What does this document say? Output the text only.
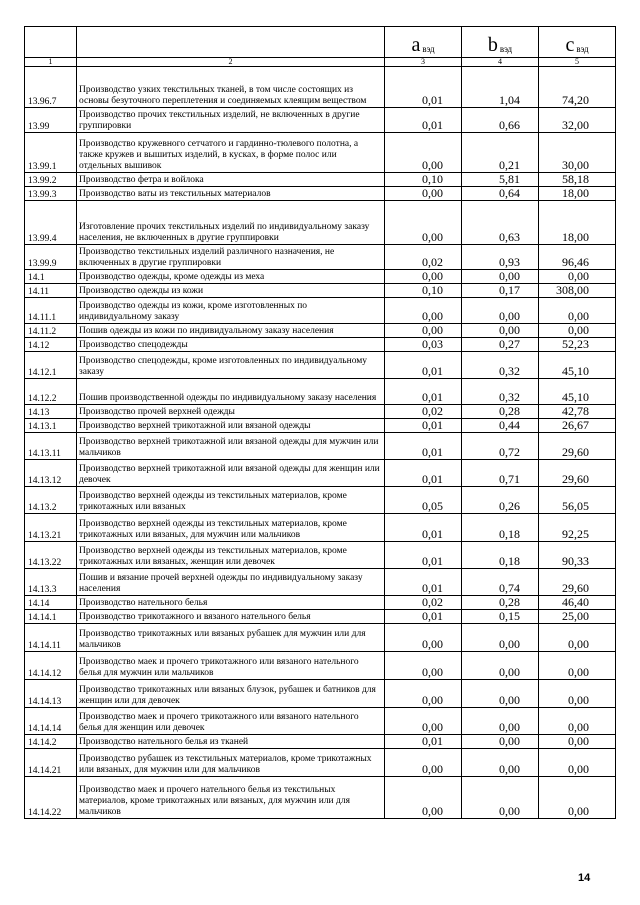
		a вэд	b вэд	c вэд
1	2	3	4	5
13.96.7	Производство узких текстильных тканей, в том числе состоящих из основы безуточного переплетения и соединяемых клеящим веществом	0,01	1,04	74,20
13.99	Производство прочих текстильных изделий, не включенных в другие группировки	0,01	0,66	32,00
13.99.1	Производство кружевного сетчатого и гардинно-тюлевого полотна, а также кружев и вышитых изделий, в кусках, в форме полос или отдельных вышивок	0,00	0,21	30,00
13.99.2	Производство фетра и войлока	0,10	5,81	58,18
13.99.3	Производство ваты из текстильных материалов	0,00	0,64	18,00
13.99.4	Изготовление прочих текстильных изделий по индивидуальному заказу населения, не включенных в другие группировки	0,00	0,63	18,00
13.99.9	Производство текстильных изделий различного назначения, не включенных в другие группировки	0,02	0,93	96,46
14.1	Производство одежды, кроме одежды из меха	0,00	0,00	0,00
14.11	Производство одежды из кожи	0,10	0,17	308,00
14.11.1	Производство одежды из кожи, кроме изготовленных по индивидуальному заказу	0,00	0,00	0,00
14.11.2	Пошив одежды из кожи по индивидуальному заказу населения	0,00	0,00	0,00
14.12	Производство спецодежды	0,03	0,27	52,23
14.12.1	Производство спецодежды, кроме изготовленных по индивидуальному заказу	0,01	0,32	45,10
14.12.2	Пошив производственной одежды по индивидуальному заказу населения	0,01	0,32	45,10
14.13	Производство прочей верхней одежды	0,02	0,28	42,78
14.13.1	Производство верхней трикотажной или вязаной одежды	0,01	0,44	26,67
14.13.11	Производство верхней трикотажной или вязаной одежды для мужчин или мальчиков	0,01	0,72	29,60
14.13.12	Производство верхней трикотажной или вязаной одежды для женщин или девочек	0,01	0,71	29,60
14.13.2	Производство верхней одежды из текстильных материалов, кроме трикотажных или вязаных	0,05	0,26	56,05
14.13.21	Производство верхней одежды из текстильных материалов, кроме трикотажных или вязаных, для мужчин или мальчиков	0,01	0,18	92,25
14.13.22	Производство верхней одежды из текстильных материалов, кроме трикотажных или вязаных, женщин или девочек	0,01	0,18	90,33
14.13.3	Пошив и вязание прочей верхней одежды по индивидуальному заказу населения	0,01	0,74	29,60
14.14	Производство нательного белья	0,02	0,28	46,40
14.14.1	Производство трикотажного и вязаного нательного белья	0,01	0,15	25,00
14.14.11	Производство трикотажных или вязаных рубашек для мужчин или для мальчиков	0,00	0,00	0,00
14.14.12	Производство маек и прочего трикотажного или вязаного нательного белья для мужчин или мальчиков	0,00	0,00	0,00
14.14.13	Производство трикотажных или вязаных блузок, рубашек и батников для женщин или для девочек	0,00	0,00	0,00
14.14.14	Производство маек и прочего трикотажного или вязаного нательного белья для женщин или девочек	0,00	0,00	0,00
14.14.2	Производство нательного белья из тканей	0,01	0,00	0,00
14.14.21	Производство рубашек из текстильных материалов, кроме трикотажных или вязаных, для мужчин или для мальчиков	0,00	0,00	0,00
14.14.22	Производство маек и прочего нательного белья из текстильных материалов, кроме трикотажных или вязаных, для мужчин или для мальчиков	0,00	0,00	0,00
14
